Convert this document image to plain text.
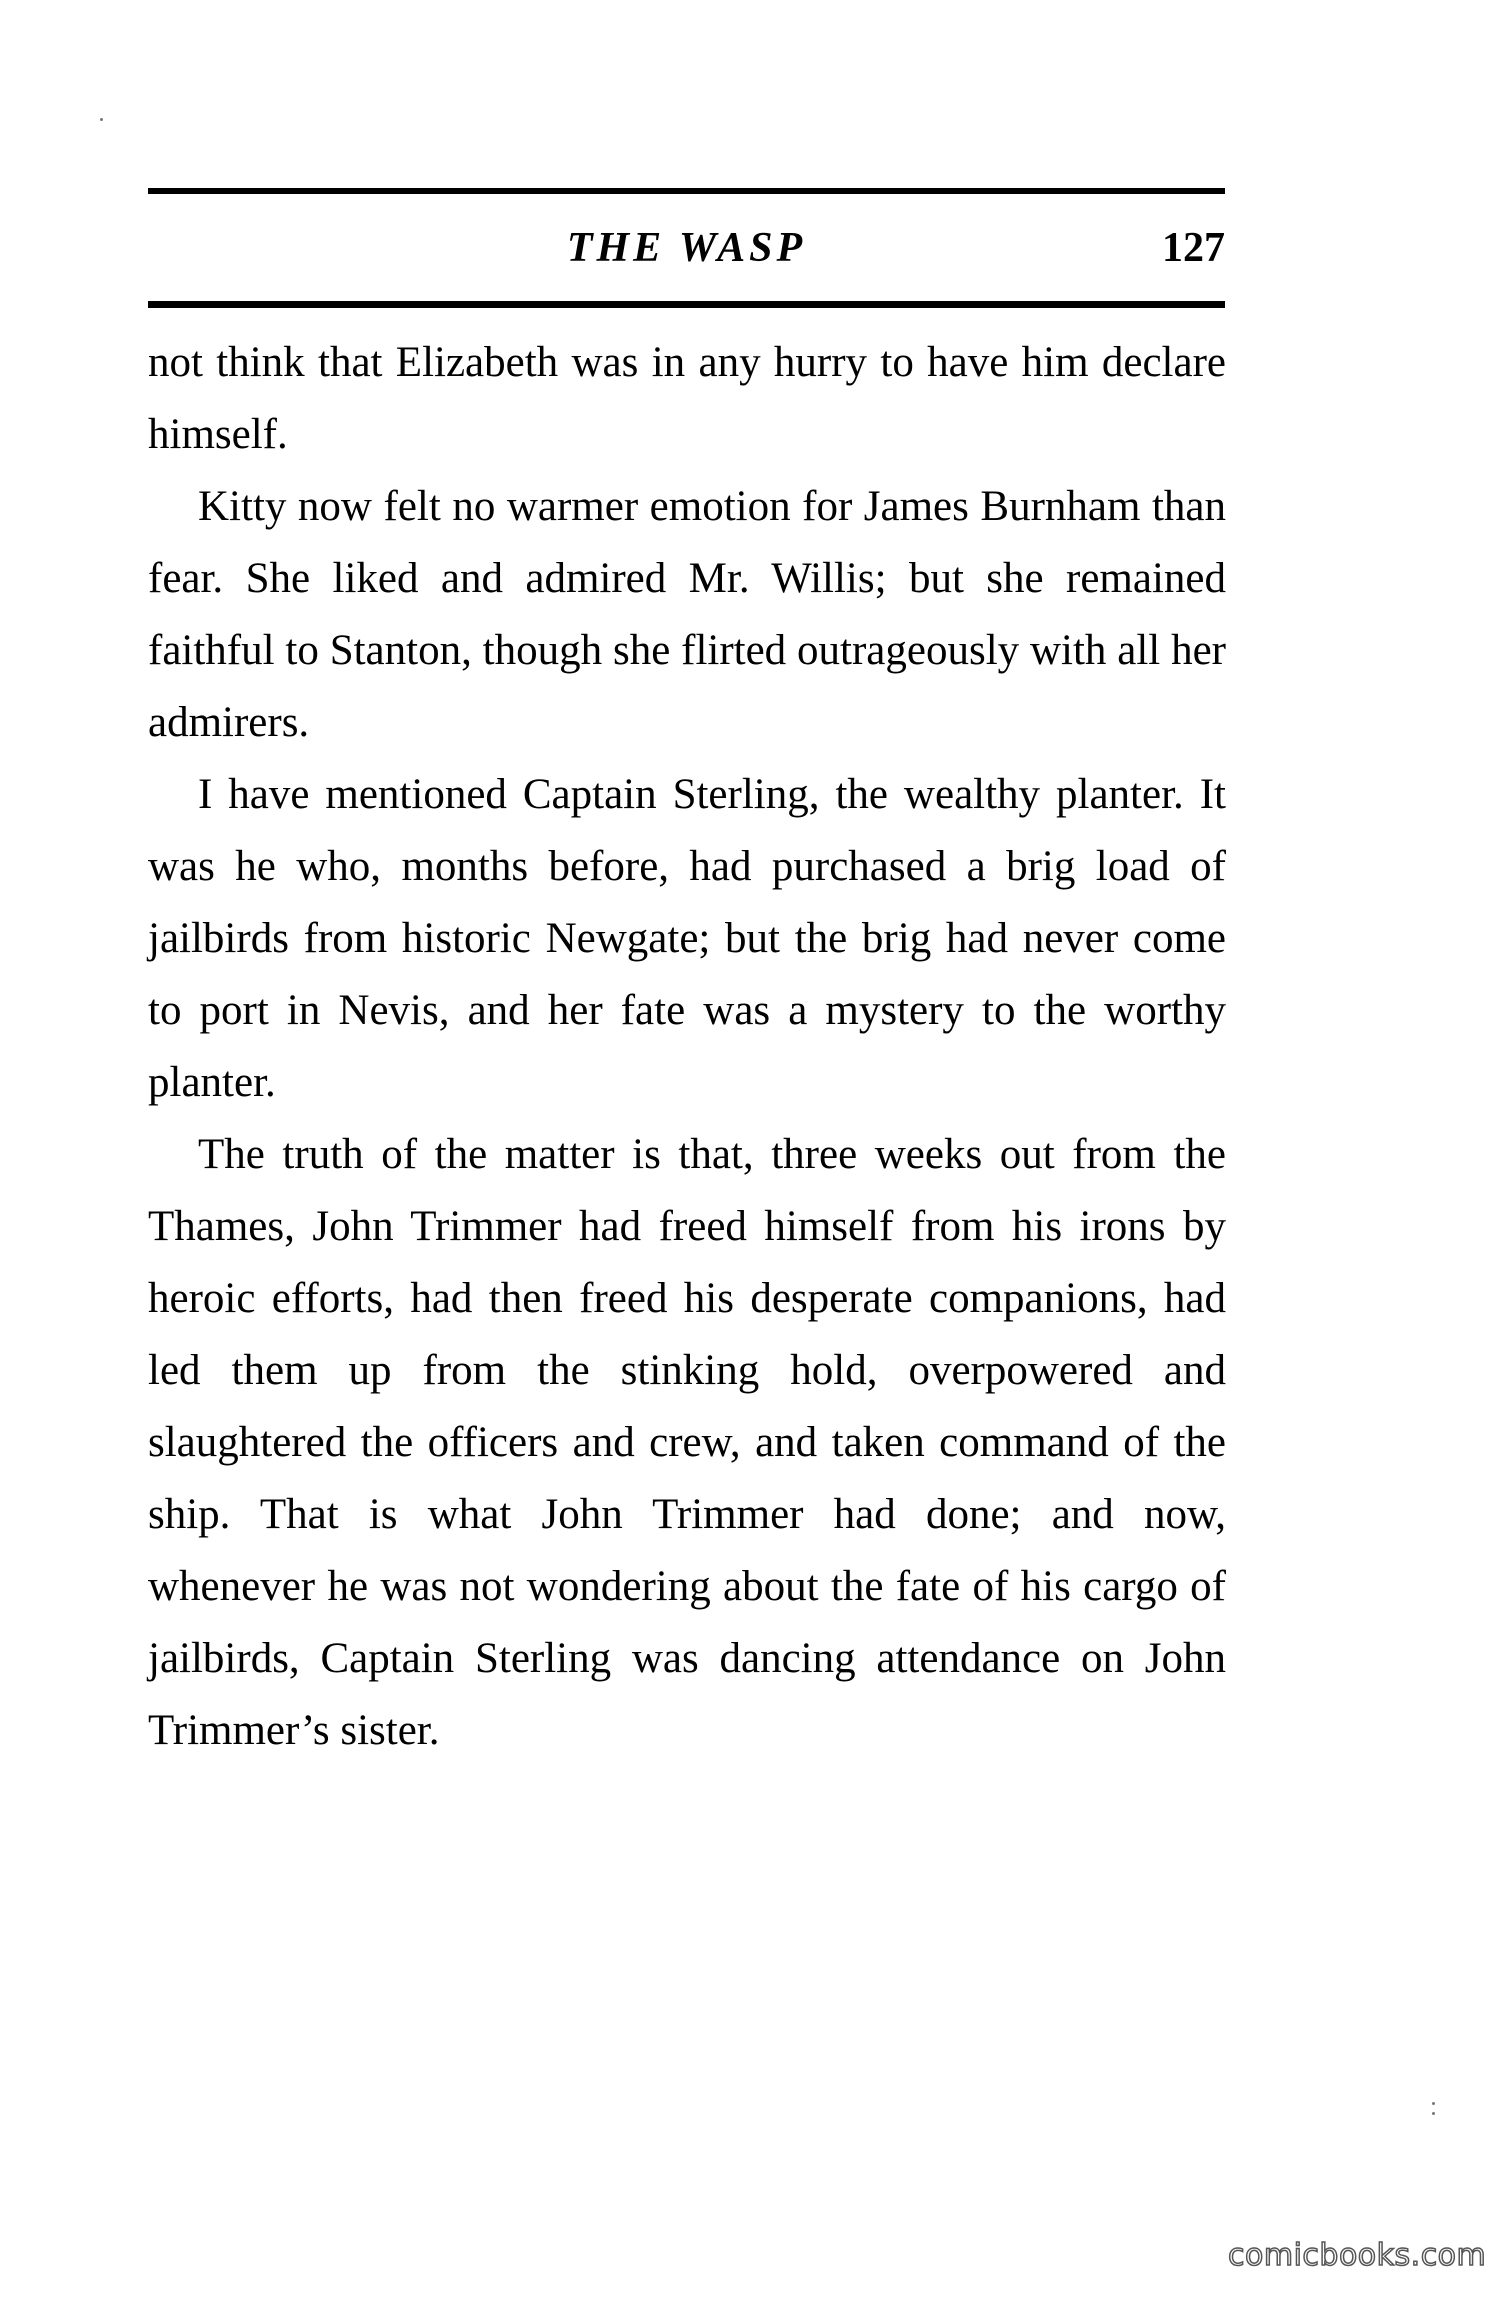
THE WASP	127

not think that Elizabeth was in any hurry to have him declare himself.

Kitty now felt no warmer emotion for James Burnham than fear. She liked and admired Mr. Willis; but she remained faithful to Stanton, though she flirted outrageously with all her admirers.

I have mentioned Captain Sterling, the wealthy planter. It was he who, months before, had purchased a brig load of jailbirds from historic Newgate; but the brig had never come to port in Nevis, and her fate was a mystery to the worthy planter.

The truth of the matter is that, three weeks out from the Thames, John Trimmer had freed himself from his irons by heroic efforts, had then freed his desperate companions, had led them up from the stinking hold, overpowered and slaughtered the officers and crew, and taken command of the ship. That is what John Trimmer had done; and now, whenever he was not wondering about the fate of his cargo of jailbirds, Captain Sterling was dancing attendance on John Trimmer’s sister.

comicbooks.com
